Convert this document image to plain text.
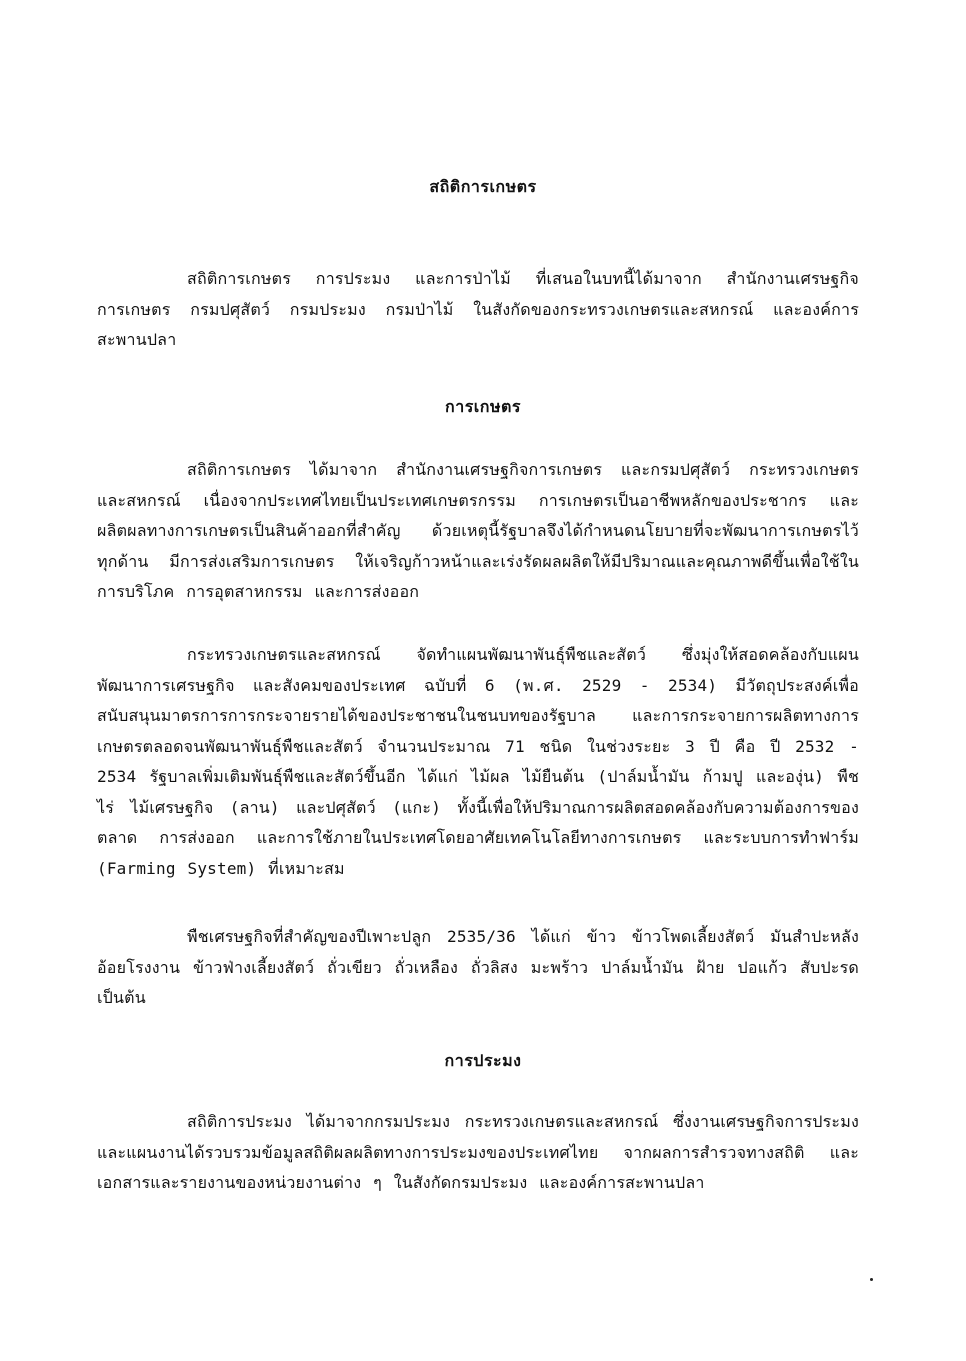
สถิติการเกษตร
สถิติการเกษตร การประมง และการป่าไม้ ที่เสนอในบทนี้ได้มาจาก สำนักงานเศรษฐกิจการเกษตร กรมปศุสัตว์ กรมประมง กรมป่าไม้ ในสังกัดของกระทรวงเกษตรและสหกรณ์ และองค์การสะพานปลา
การเกษตร
สถิติการเกษตร ได้มาจาก สำนักงานเศรษฐกิจการเกษตร และกรมปศุสัตว์ กระทรวงเกษตรและสหกรณ์ เนื่องจากประเทศไทยเป็นประเทศเกษตรกรรม การเกษตรเป็นอาชีพหลักของประชากร และผลิตผลทางการเกษตรเป็นสินค้าออกที่สำคัญ ด้วยเหตุนี้รัฐบาลจึงได้กำหนดนโยบายที่จะพัฒนาการเกษตรไว้ทุกด้าน มีการส่งเสริมการเกษตร ให้เจริญก้าวหน้าและเร่งรัดผลผลิตให้มีปริมาณและคุณภาพดีขึ้นเพื่อใช้ในการบริโภค การอุตสาหกรรม และการส่งออก
กระทรวงเกษตรและสหกรณ์ จัดทำแผนพัฒนาพันธุ์พืชและสัตว์ ซึ่งมุ่งให้สอดคล้องกับแผนพัฒนาการเศรษฐกิจ และสังคมของประเทศ ฉบับที่ 6 (พ.ศ. 2529 - 2534) มีวัตถุประสงค์เพื่อสนับสนุนมาตรการการกระจายรายได้ของประชาชนในชนบทของรัฐบาล และการกระจายการผลิตทางการเกษตรตลอดจนพัฒนาพันธุ์พืชและสัตว์ จำนวนประมาณ 71 ชนิด ในช่วงระยะ 3 ปี คือ ปี 2532 - 2534 รัฐบาลเพิ่มเติมพันธุ์พืชและสัตว์ขึ้นอีก ได้แก่ ไม้ผล ไม้ยืนต้น (ปาล์มน้ำมัน ก้ามปู และองุ่น) พืชไร่ ไม้เศรษฐกิจ (ลาน) และปศุสัตว์ (แกะ) ทั้งนี้เพื่อให้ปริมาณการผลิตสอดคล้องกับความต้องการของตลาด การส่งออก และการใช้ภายในประเทศโดยอาศัยเทคโนโลยีทางการเกษตร และระบบการทำฟาร์ม (Farming System) ที่เหมาะสม
พืชเศรษฐกิจที่สำคัญของปีเพาะปลูก 2535/36 ได้แก่ ข้าว ข้าวโพดเลี้ยงสัตว์ มันสำปะหลัง อ้อยโรงงาน ข้าวฟ่างเลี้ยงสัตว์ ถั่วเขียว ถั่วเหลือง ถั่วลิสง มะพร้าว ปาล์มน้ำมัน ฝ้าย ปอแก้ว สับปะรด เป็นต้น
การประมง
สถิติการประมง ได้มาจากกรมประมง กระทรวงเกษตรและสหกรณ์ ซึ่งงานเศรษฐกิจการประมง และแผนงานได้รวบรวมข้อมูลสถิติผลผลิตทางการประมงของประเทศไทย จากผลการสำรวจทางสถิติ และเอกสารและรายงานของหน่วยงานต่าง ๆ ในสังกัดกรมประมง และองค์การสะพานปลา
